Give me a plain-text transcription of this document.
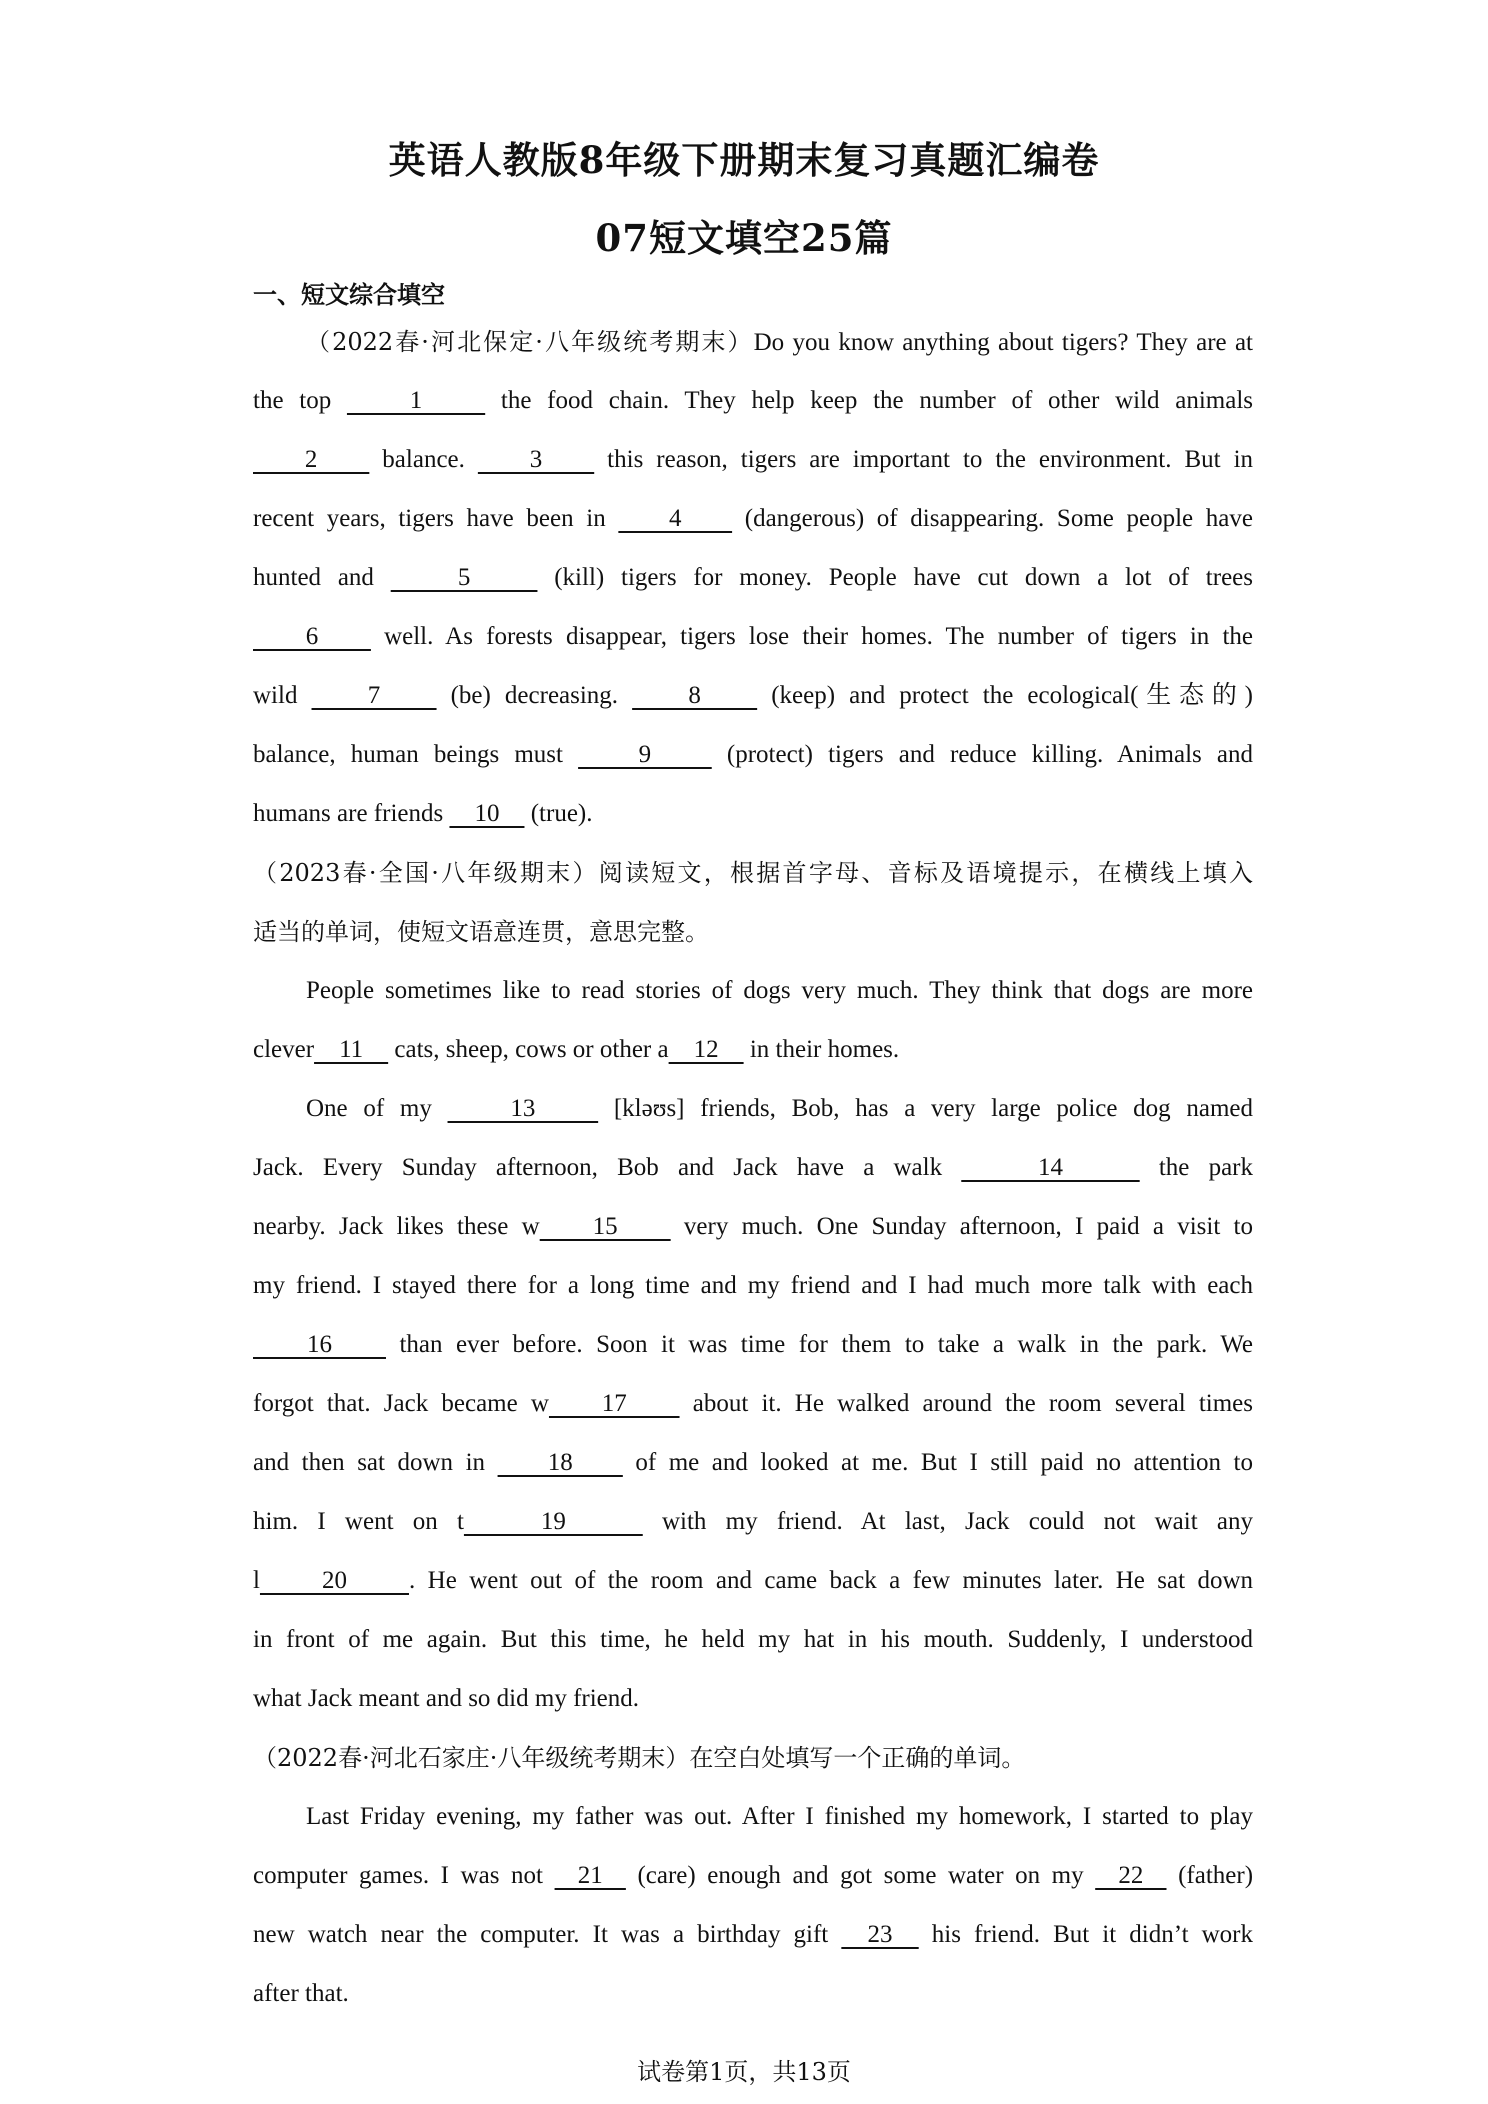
英语人教版8年级下册期末复习真题汇编卷
07短文填空25篇
一、短文综合填空
（2022春·河北保定·八年级统考期末）Do you know anything about tigers? They are at
the top     1     the food chain. They help keep the number of other wild animals
2     balance.     3     this reason, tigers are important to the environment. But in
recent years, tigers have been in     4     (dangerous) of disappearing. Some people have
hunted and     5     (kill) tigers for money. People have cut down a lot of trees
6     well. As forests disappear, tigers lose their homes. The number of tigers in the
wild     7     (be) decreasing.     8     (keep) and protect the ecological(生态的)
balance, human beings must     9     (protect) tigers and reduce killing. Animals and
humans are friends     10     (true).
（2023春·全国·八年级期末）阅读短文，根据首字母、音标及语境提示，在横线上填入
适当的单词，使短文语意连贯，意思完整。
People sometimes like to read stories of dogs very much. They think that dogs are more
clever    11     cats, sheep, cows or other a    12     in their homes.
One of my     13     [kləʊs] friends, Bob, has a very large police dog named
Jack. Every Sunday afternoon, Bob and Jack have a walk     14     the park
nearby. Jack likes these w    15     very much. One Sunday afternoon, I paid a visit to
my friend. I stayed there for a long time and my friend and I had much more talk with each
16     than ever before. Soon it was time for them to take a walk in the park. We
forgot that. Jack became w    17     about it. He walked around the room several times
and then sat down in     18     of me and looked at me. But I still paid no attention to
him. I went on t    19     with my friend. At last, Jack could not wait any
l     20     . He went out of the room and came back a few minutes later. He sat down
in front of me again. But this time, he held my hat in his mouth. Suddenly, I understood
what Jack meant and so did my friend.
（2022春·河北石家庄·八年级统考期末）在空白处填写一个正确的单词。
Last Friday evening, my father was out. After I finished my homework, I started to play
computer games. I was not   21   (care) enough and got some water on my   22   (father)
new watch near the computer. It was a birthday gift   23   his friend. But it didn’t work
after that.
试卷第1页，共13页
